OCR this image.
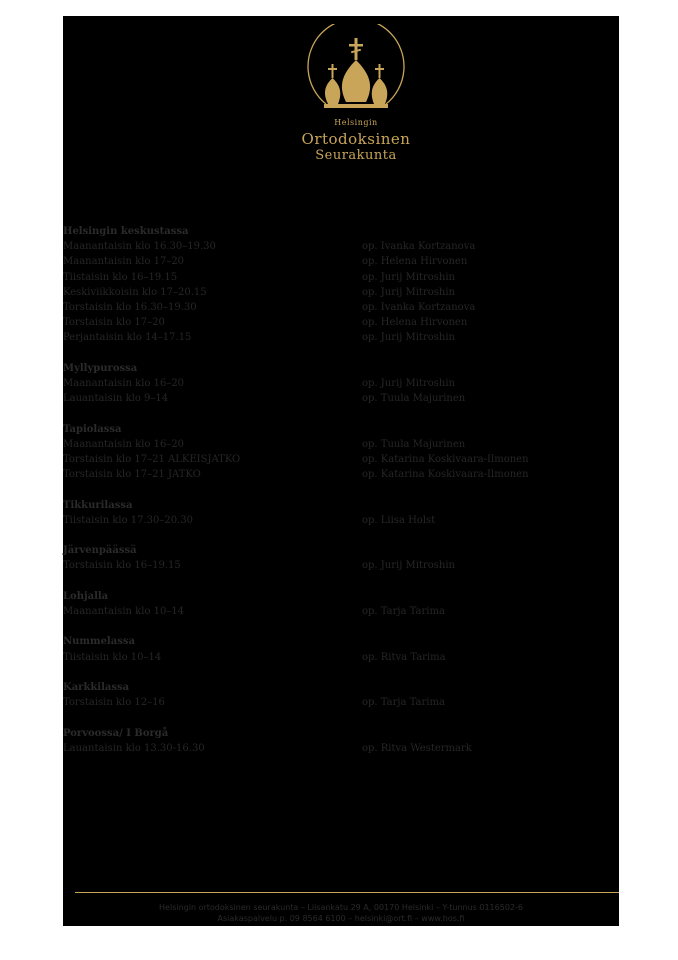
Helsingin
Ortodoksinen
Seurakunta
Helsingin keskustassa
Maanantaisin klo 16.30–19.30	op. Ivanka Kortzanova
Maanantaisin klo 17–20	op. Helena Hirvonen
Tiistaisin klo 16–19.15	op. Jurij Mitroshin
Keskiviikkoisin klo 17–20.15	op. Jurij Mitroshin
Torstaisin klo 16.30–19.30	op. Ivanka Kortzanova
Torstaisin klo 17–20	op. Helena Hirvonen
Perjantaisin klo 14–17.15	op. Jurij Mitroshin
Myllypurossa
Maanantaisin klo 16–20	op. Jurij Mitroshin
Lauantaisin klo 9–14	op. Tuula Majurinen
Tapiolassa
Maanantaisin klo 16–20	op. Tuula Majurinen
Torstaisin klo 17–21 ALKEISJATKO	op. Katarina Koskivaara-Ilmonen
Torstaisin klo 17–21 JATKO	op. Katarina Koskivaara-Ilmonen
Tikkurilassa
Tiistaisin klo 17.30–20.30	op. Liisa Holst
Järvenpäässä
Torstaisin klo 16–19.15	op. Jurij Mitroshin
Lohjalla
Maanantaisin klo 10–14	op. Tarja Tarima
Nummelassa
Tiistaisin klo 10–14	op. Ritva Tarima
Karkkilassa
Torstaisin klo 12–16	op. Tarja Tarima
Porvoossa/ I Borgå
Lauantaisin klo 13.30-16.30	op. Ritva Westermark
Helsingin ortodoksinen seurakunta – Liisankatu 29 A, 00170 Helsinki – Y-tunnus 0116502-6
Asiakaspalvelu p. 09 8564 6100 – helsinki@ort.fi – www.hos.fi
